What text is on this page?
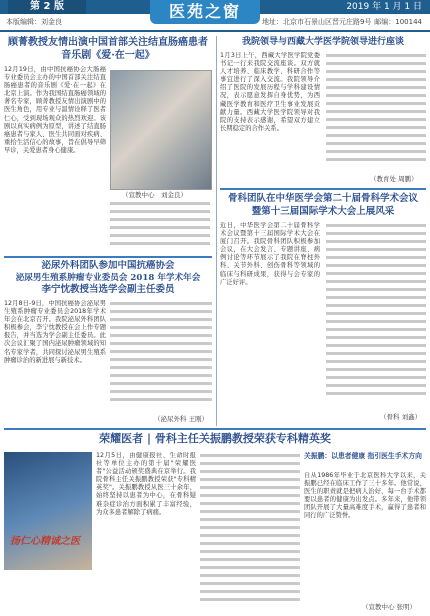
第 2 版	医苑之窗	2019 年 1 月 1 日
本版编辑：刘金良	地址：北京市石景山区晋元庄路9号 邮编：100144
顾菁教授友情出演中国首部关注结直肠癌患者
音乐剧《爱·在一起》
12月19日，由中国抗癌协会大肠癌专业委员会主办的中国首部关注结直肠癌患者的音乐剧《爱·在一起》在北京上演。作为我国结直肠癌领域的著名专家，顾菁教授友情出演剧中的医生角色，用专业与温情诠释了医者仁心，受到现场观众的热烈欢迎。该剧以真实病例为原型，讲述了结直肠癌患者与家人、医生共同面对疾病、重拾生活信心的故事，旨在倡导早筛早诊，关爱患者身心健康。
（宣教中心　刘金良）
我院领导与西藏大学医学院领导进行座谈
1月3日上午，西藏大学医学院党委书记一行来我院交流座谈。双方就人才培养、临床教学、科研合作等事宜进行了深入交流。我院领导介绍了医院的发展历程与学科建设情况，表示愿意发挥自身优势，为西藏医学教育和医疗卫生事业发展贡献力量。西藏大学医学院领导对我院的支持表示感谢，希望双方建立长期稳定的合作关系。
（教育处 周鹏）
骨科团队在中华医学会第二十届骨科学术会议
暨第十三届国际学术大会上展风采
近日，中华医学会第二十届骨科学术会议暨第十三届国际学术大会在厦门召开。我院骨科团队积极参加会议，在大会发言、专题讲座、病例讨论等环节展示了我院在脊柱外科、关节外科、创伤骨科等领域的临床与科研成果，获得与会专家的广泛好评。
（骨科 刘鑫）
泌尿外科团队参加中国抗癌协会
泌尿男生殖系肿瘤专业委员会 2018 年学术年会
李宁忱教授当选学会副主任委员
12月8日-9日，中国抗癌协会泌尿男生殖系肿瘤专业委员会2018年学术年会在北京召开。我院泌尿外科团队积极参会，李宁忱教授在会上作专题报告，并当选为学会副主任委员。此次会议汇聚了国内泌尿肿瘤领域的知名专家学者，共同探讨泌尿男生殖系肿瘤诊治的新进展与新技术。
（泌尿外科 王刚）
荣耀医者 | 骨科主任关振鹏教授荣获专科精英奖
扬仁心精诚之医
12月5日，由健康报社、生命时报社等单位主办的第十届"荣耀医者"公益活动颁奖盛典在京举行。我院骨科主任关振鹏教授荣获"专科精英奖"。关振鹏教授从医三十余年，始终坚持以患者为中心，在骨科疑难杂症诊治方面积累了丰富经验，为众多患者解除了病痛。
关振鹏：以患者健康 指引医生手术方向
自从1986年毕业于北京医科大学以来，关振鹏已经在临床工作了三十多年。他常说，医生的职责就是把病人治好，每一台手术都要以患者的健康为出发点。多年来，他带领团队开展了大量高难度手术，赢得了患者和同行的广泛赞誉。
（宣教中心 张明）
